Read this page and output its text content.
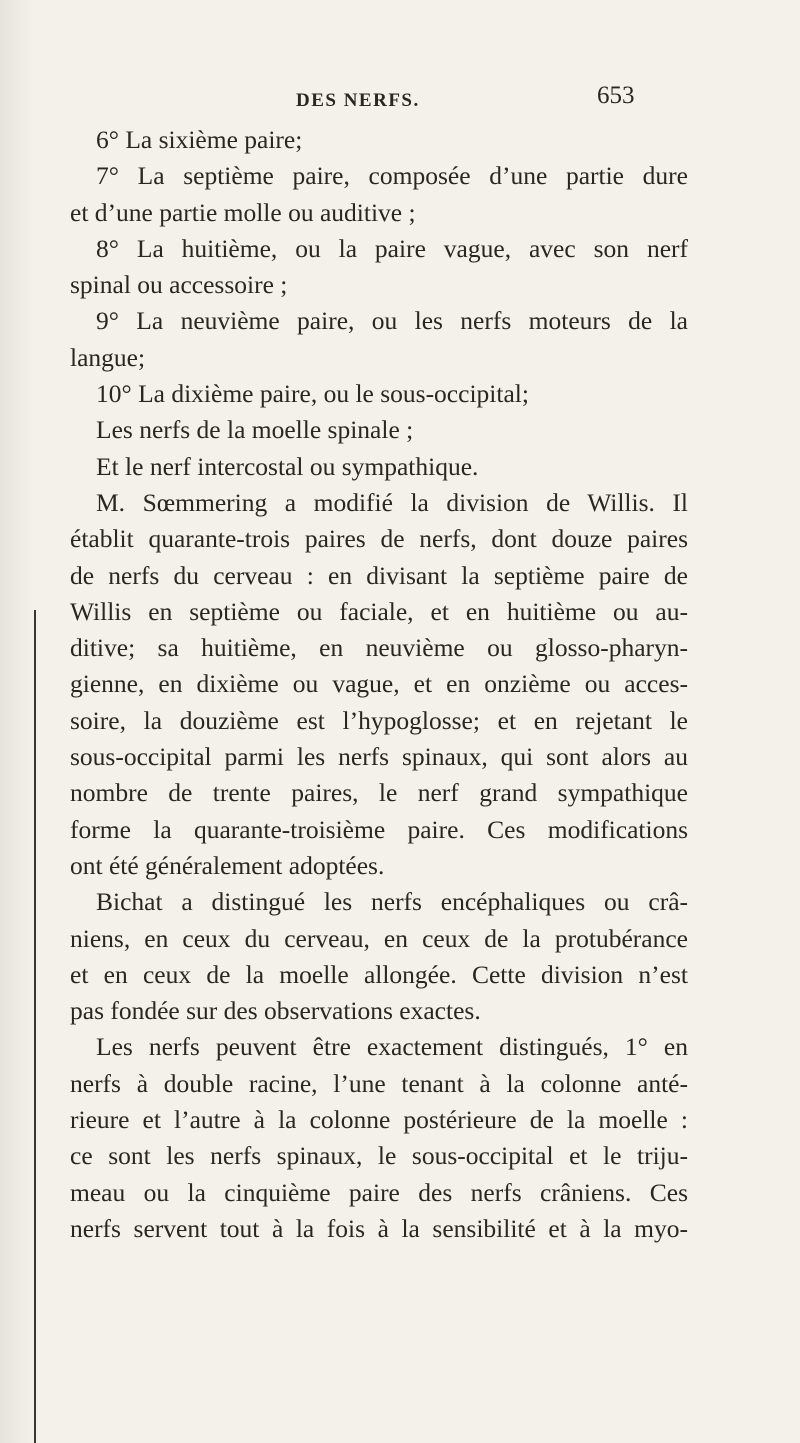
DES NERFS.	653
6° La sixième paire;
7° La septième paire, composée d’une partie dure
et d’une partie molle ou auditive ;
8° La huitième, ou la paire vague, avec son nerf
spinal ou accessoire ;
9° La neuvième paire, ou les nerfs moteurs de la
langue;
10° La dixième paire, ou le sous-occipital;
Les nerfs de la moelle spinale ;
Et le nerf intercostal ou sympathique.
M. Sœmmering a modifié la division de Willis. Il
établit quarante-trois paires de nerfs, dont douze paires
de nerfs du cerveau : en divisant la septième paire de
Willis en septième ou faciale, et en huitième ou au-
ditive; sa huitième, en neuvième ou glosso-pharyn-
gienne, en dixième ou vague, et en onzième ou acces-
soire, la douzième est l’hypoglosse; et en rejetant le
sous-occipital parmi les nerfs spinaux, qui sont alors au
nombre de trente paires, le nerf grand sympathique
forme la quarante-troisième paire. Ces modifications
ont été généralement adoptées.
Bichat a distingué les nerfs encéphaliques ou crâ-
niens, en ceux du cerveau, en ceux de la protubérance
et en ceux de la moelle allongée. Cette division n’est
pas fondée sur des observations exactes.
Les nerfs peuvent être exactement distingués, 1° en
nerfs à double racine, l’une tenant à la colonne anté-
rieure et l’autre à la colonne postérieure de la moelle :
ce sont les nerfs spinaux, le sous-occipital et le triju-
meau ou la cinquième paire des nerfs crâniens. Ces
nerfs servent tout à la fois à la sensibilité et à la myo-
